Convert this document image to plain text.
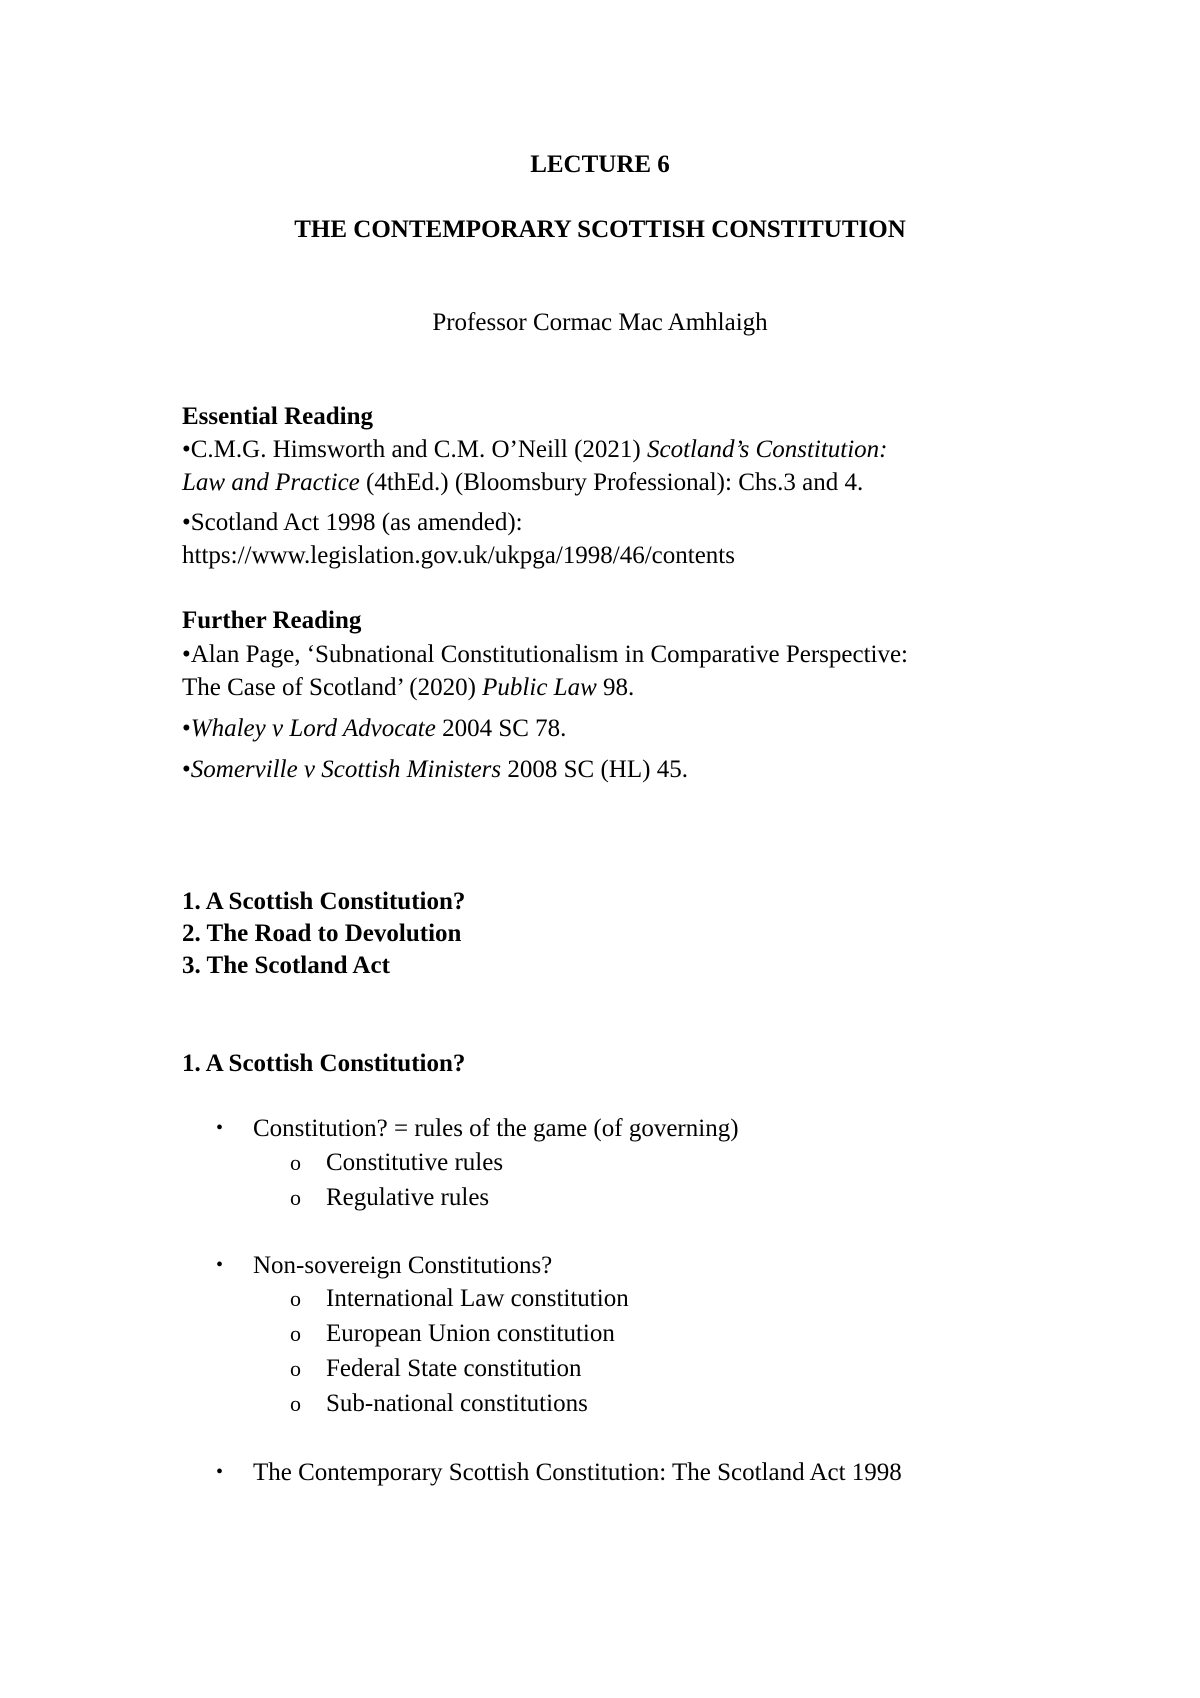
LECTURE 6
THE CONTEMPORARY SCOTTISH CONSTITUTION
Professor Cormac Mac Amhlaigh
Essential Reading
•C.M.G. Himsworth and C.M. O’Neill (2021) Scotland’s Constitution:
Law and Practice (4thEd.) (Bloomsbury Professional): Chs.3 and 4.
•Scotland Act 1998 (as amended):
https://www.legislation.gov.uk/ukpga/1998/46/contents
Further Reading
•Alan Page, ‘Subnational Constitutionalism in Comparative Perspective:
The Case of Scotland’ (2020) Public Law 98.
•Whaley v Lord Advocate 2004 SC 78.
•Somerville v Scottish Ministers 2008 SC (HL) 45.
1. A Scottish Constitution?
2. The Road to Devolution
3. The Scotland Act
1. A Scottish Constitution?
• Constitution? = rules of the game (of governing)
o Constitutive rules
o Regulative rules
• Non-sovereign Constitutions?
o International Law constitution
o European Union constitution
o Federal State constitution
o Sub-national constitutions
• The Contemporary Scottish Constitution: The Scotland Act 1998
